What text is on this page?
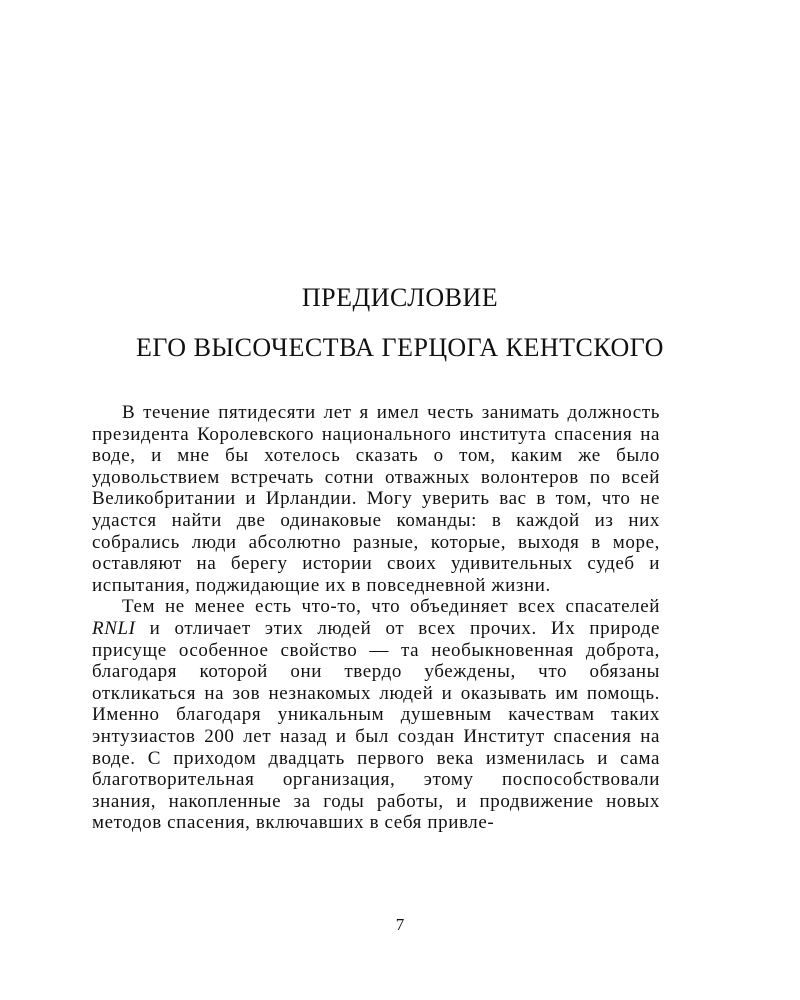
ПРЕДИСЛОВИЕ
ЕГО ВЫСОЧЕСТВА ГЕРЦОГА КЕНТСКОГО

В течение пятидесяти лет я имел честь занимать должность президента Королевского национального института спасения на воде, и мне бы хотелось сказать о том, каким же было удовольствием встречать сотни отважных волонтеров по всей Великобритании и Ирландии. Могу уверить вас в том, что не удастся найти две одинаковые команды: в каждой из них собрались люди абсолютно разные, которые, выходя в море, оставляют на берегу истории своих удивительных судеб и испытания, поджидающие их в повседневной жизни.

Тем не менее есть что-то, что объединяет всех спасателей RNLI и отличает этих людей от всех прочих. Их природе присуще особенное свойство — та необыкновенная доброта, благодаря которой они твердо убеждены, что обязаны откликаться на зов незнакомых людей и оказывать им помощь. Именно благодаря уникальным душевным качествам таких энтузиастов 200 лет назад и был создан Институт спасения на воде. С приходом двадцать первого века изменилась и сама благотворительная организация, этому поспособствовали знания, накопленные за годы работы, и продвижение новых методов спасения, включавших в себя привле-

7
